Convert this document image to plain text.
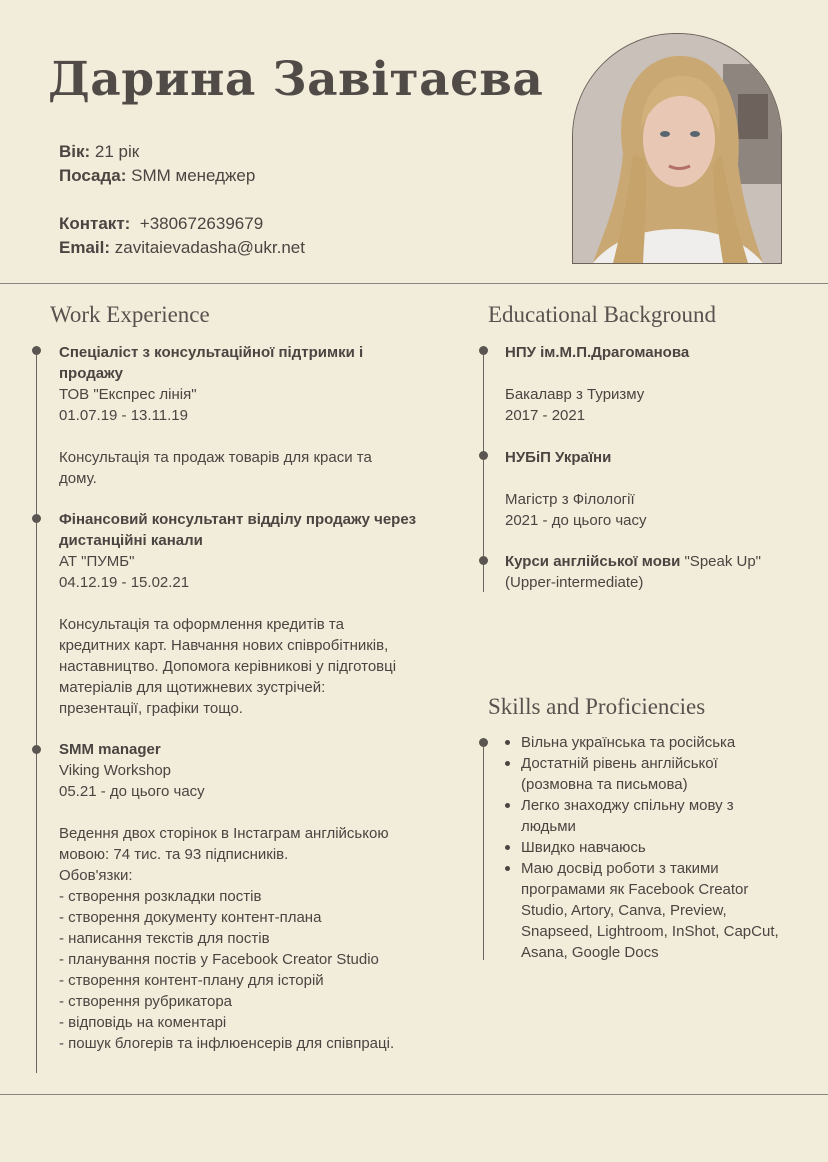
Дарина Завітаєва
Вік: 21 рік
Посада: SMM менеджер
Контакт: +380672639679
Email: zavitaievadasha@ukr.net
Work Experience
Спеціаліст з консультаційної підтримки і
продажу
ТОВ "Експрес лінія"
01.07.19 - 13.11.19
Консультація та продаж товарів для краси та
дому.
Фінансовий консультант відділу продажу через
дистанційні канали
АТ "ПУМБ"
04.12.19 - 15.02.21
Консультація та оформлення кредитів та
кредитних карт. Навчання нових співробітників,
наставництво. Допомога керівникові у підготовці
матеріалів для щотижневих зустрічей:
презентації, графіки тощо.
SMM manager
Viking Workshop
05.21 - до цього часу
Ведення двох сторінок в Інстаграм англійською
мовою: 74 тис. та 93 підписників.
Обов'язки:
- створення розкладки постів
- створення документу контент-плана
- написання текстів для постів
- планування постів у Facebook Creator Studio
- створення контент-плану для історій
- створення рубрикатора
- відповідь на коментарі
- пошук блогерів та інфлюенсерів для співпраці.
Educational Background
НПУ ім.М.П.Драгоманова
Бакалавр з Туризму
2017 - 2021
НУБіП України
Магістр з Філології
2021 - до цього часу
Курси англійської мови "Speak Up"
(Upper-intermediate)
Skills and Proficiencies
Вільна українська та російська
Достатній рівень англійської
(розмовна та письмова)
Легко знаходжу спільну мову з
людьми
Швидко навчаюсь
Маю досвід роботи з такими
програмами як Facebook Creator
Studio, Artory, Canva, Preview,
Snapseed, Lightroom, InShot, CapCut,
Asana, Google Docs
